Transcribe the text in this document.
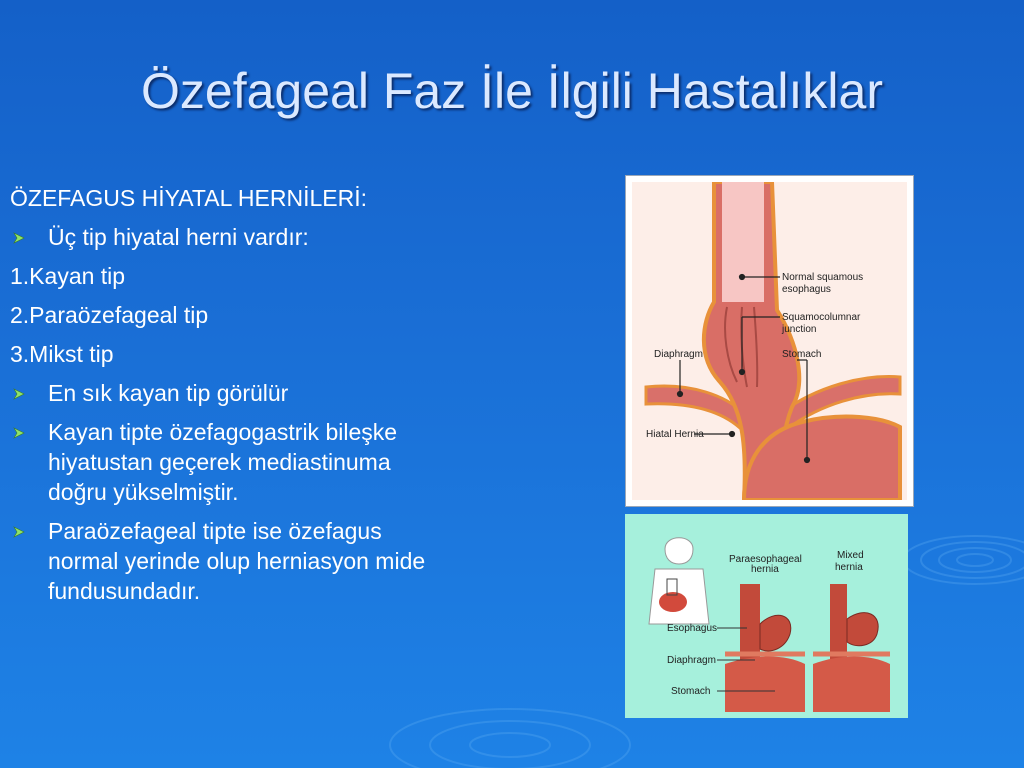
Özefageal Faz İle İlgili Hastalıklar
ÖZEFAGUS HİYATAL HERNİLERİ:
Üç tip hiyatal herni vardır:
1.Kayan tip
2.Paraözefageal tip
3.Mikst tip
En sık kayan tip görülür
Kayan tipte özefagogastrik bileşke hiyatustan geçerek mediastinuma doğru yükselmiştir.
Paraözefageal tipte ise özefagus normal yerinde olup herniasyon mide fundusundadır.
Normal squamous
esophagus
Squamocolumnar
junction
Diaphragm	Stomach
Hiatal Hernia
Paraesophageal
hernia
Mixed
hernia
Esophagus
Diaphragm
Stomach
